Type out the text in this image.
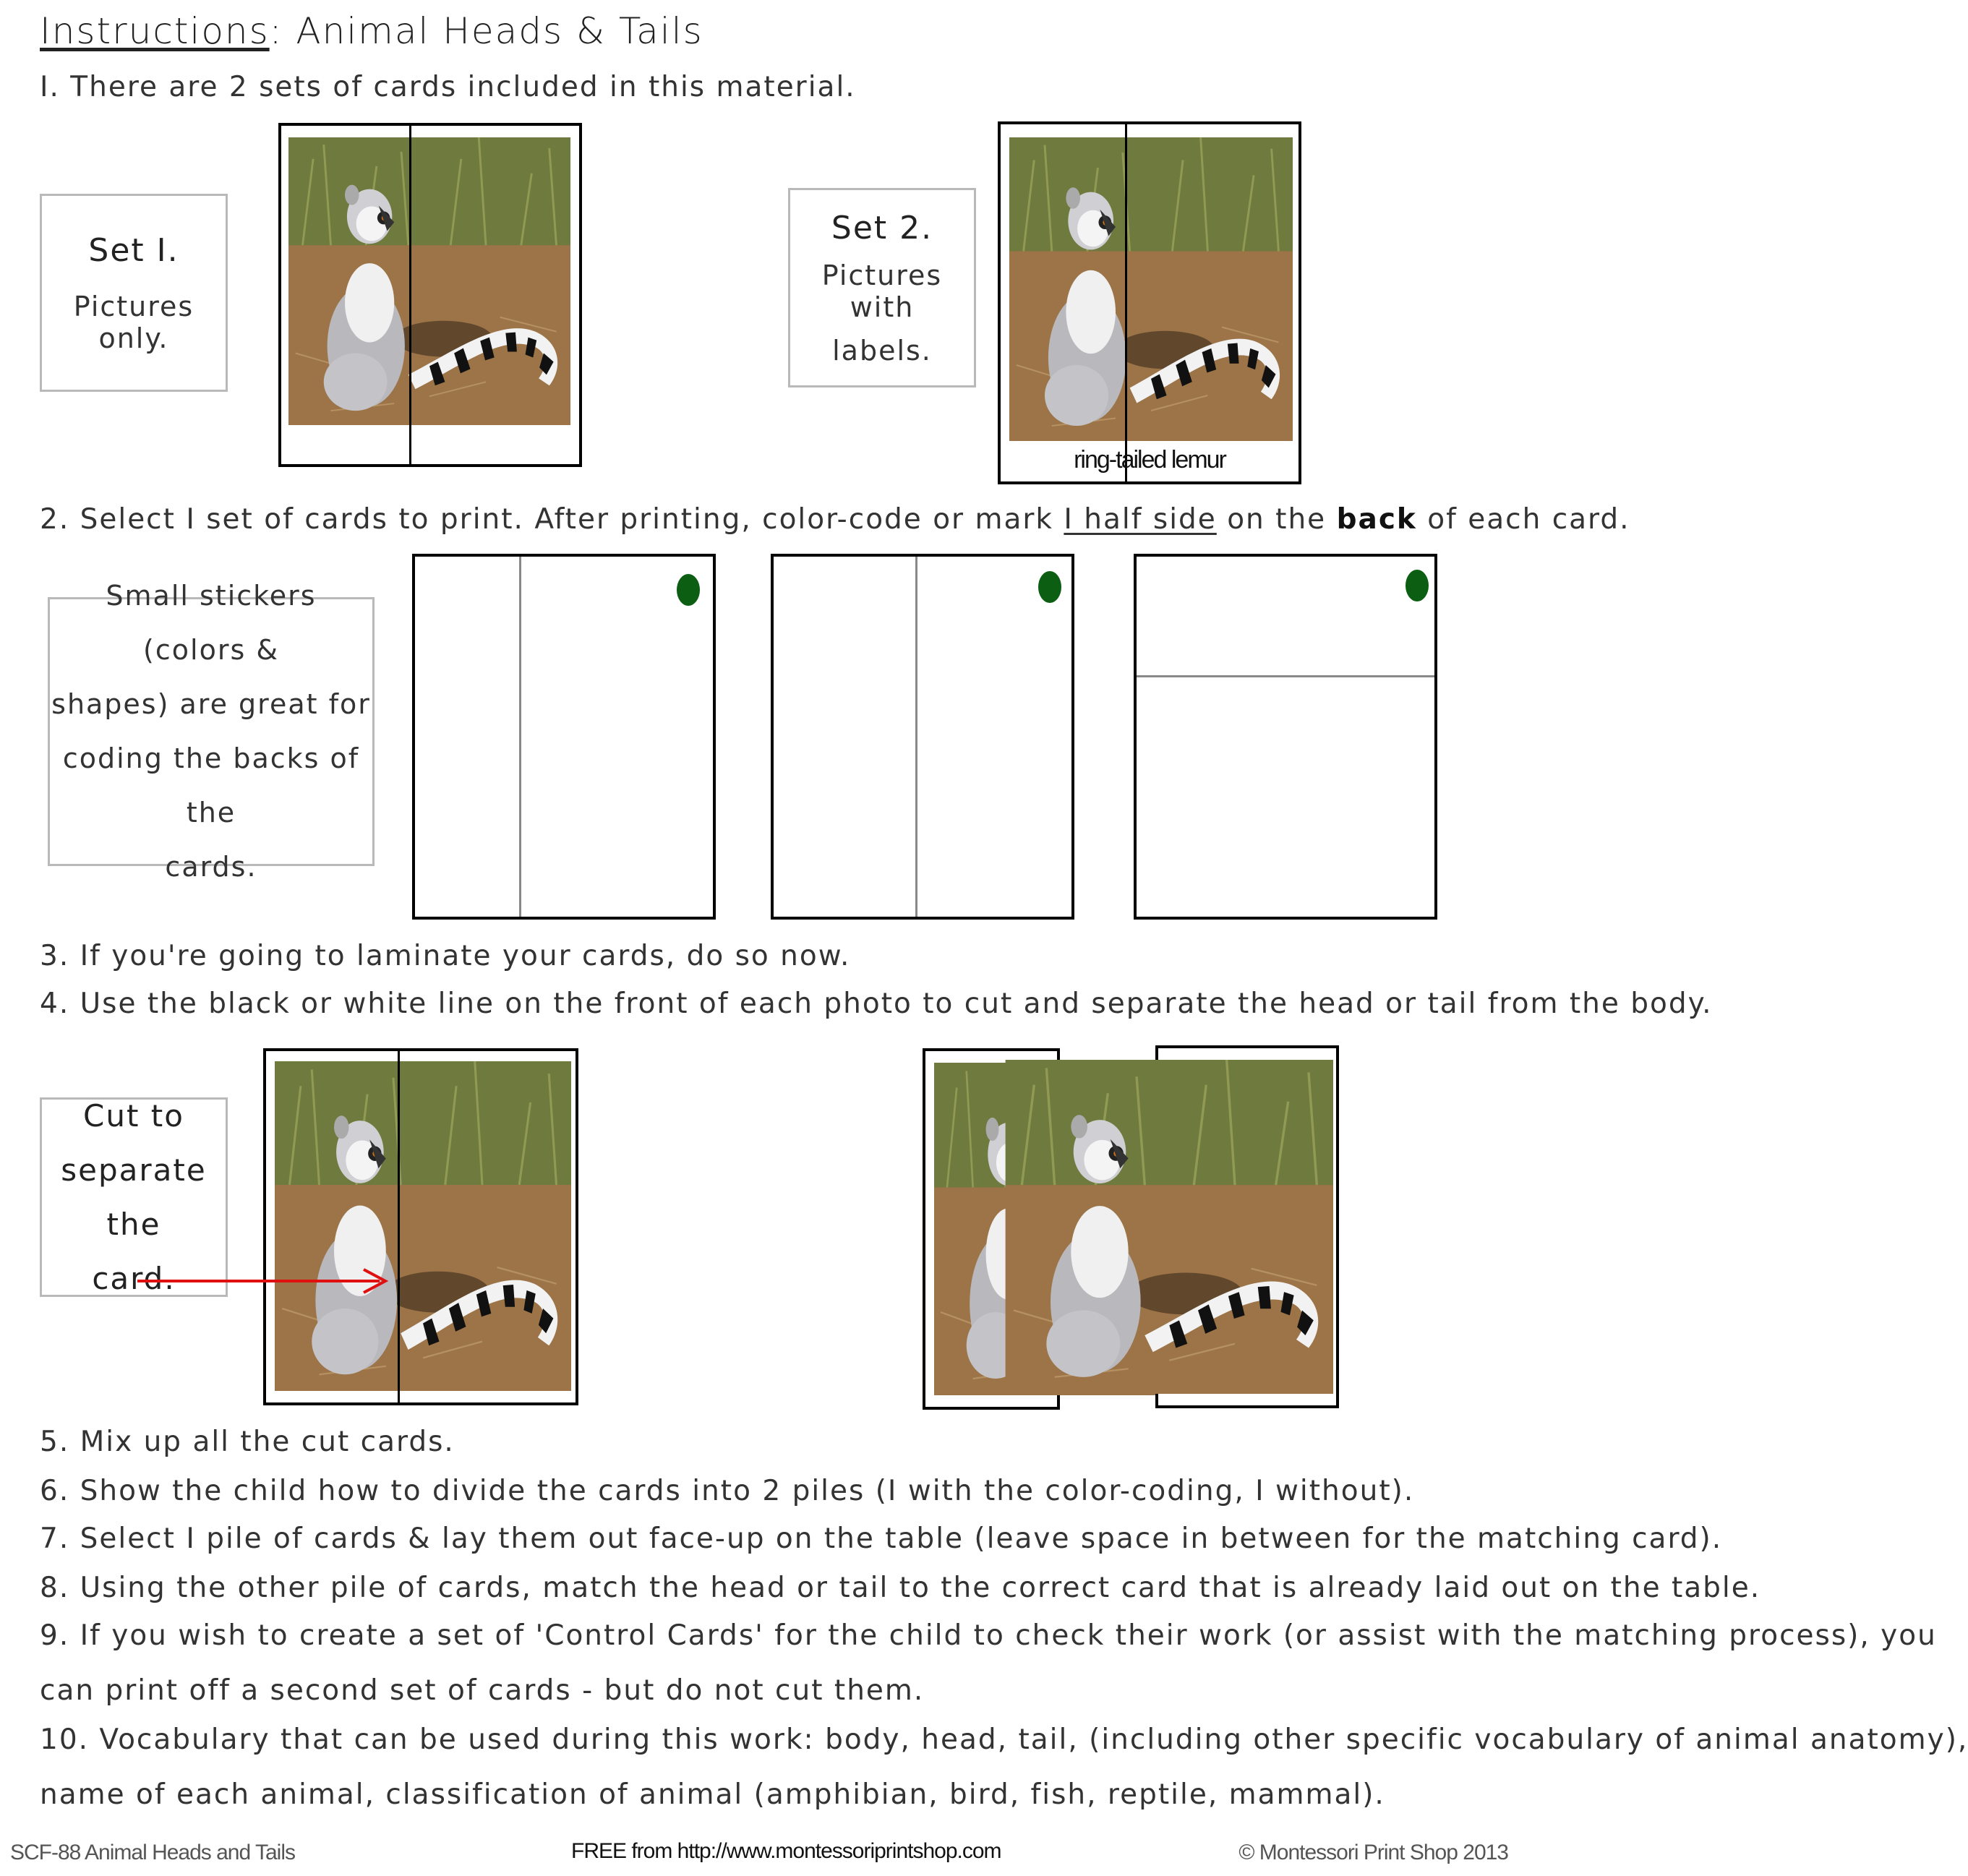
Instructions: Animal Heads & Tails
I. There are 2 sets of cards included in this material.
Set I.
Pictures only.
Set 2.
Pictures with
labels.
ring-tailed lemur
2. Select I set of cards to print. After printing, color-code or mark I half side on the back of each card.
Small stickers (colors &
shapes) are great for
coding the backs of the
cards.
3. If you're going to laminate your cards, do so now.
4. Use the black or white line on the front of each photo to cut and separate the head or tail from the body.
Cut to
separate the
card.
5. Mix up all the cut cards.
6. Show the child how to divide the cards into 2 piles (I with the color-coding, I without).
7. Select I pile of cards & lay them out face-up on the table (leave space in between for the matching card).
8. Using the other pile of cards, match the head or tail to the correct card that is already laid out on the table.
9. If you wish to create a set of 'Control Cards' for the child to check their work (or assist with the matching process), you
can print off a second set of cards - but do not cut them.
10. Vocabulary that can be used during this work: body, head, tail, (including other specific vocabulary of animal anatomy),
name of each animal, classification of animal (amphibian, bird, fish, reptile, mammal).
SCF-88 Animal Heads and Tails	FREE from http://www.montessoriprintshop.com	© Montessori Print Shop 2013
